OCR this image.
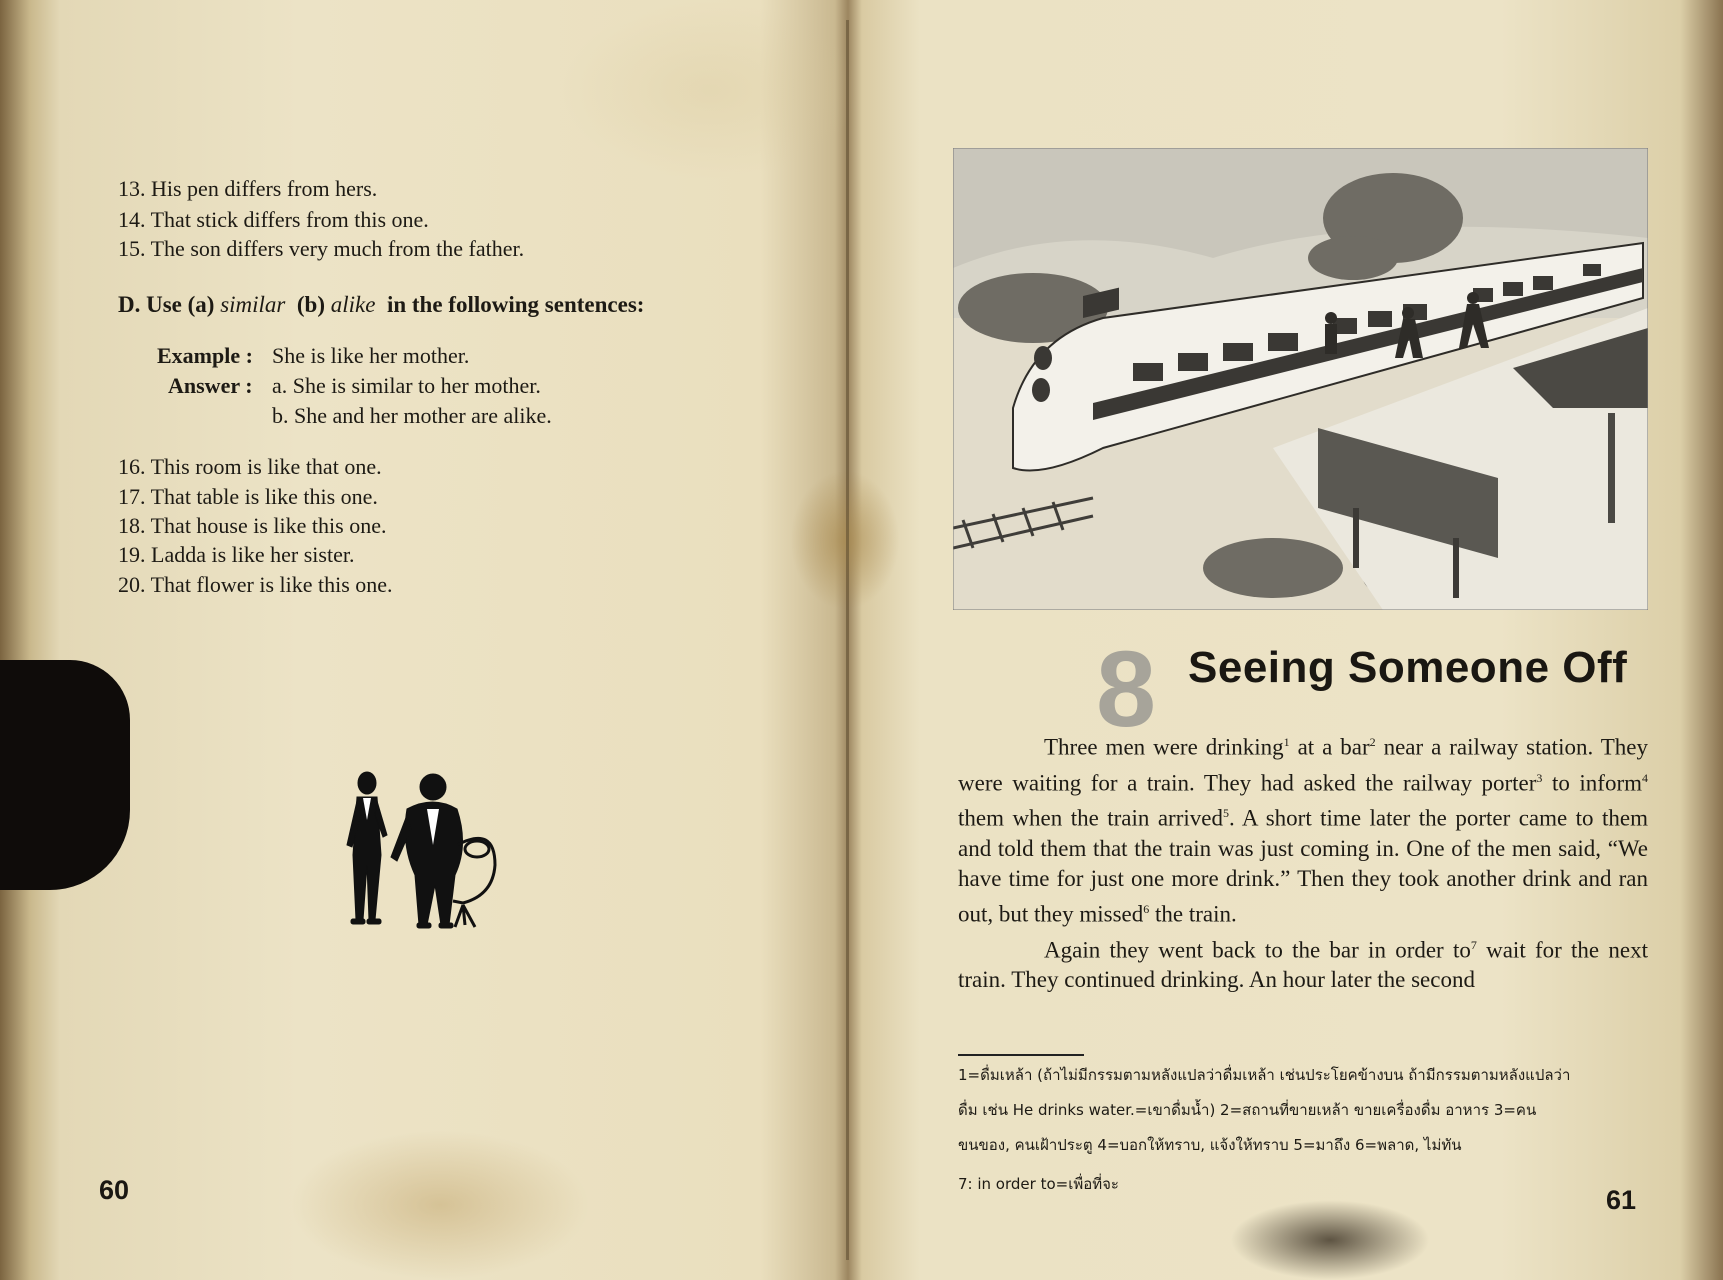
13. His pen differs from hers.
14. That stick differs from this one.
15. The son differs very much from the father.
D. Use (a) similar (b) alike in the following sentences:
Example : She is like her mother.
Answer : a. She is similar to her mother.
b. She and her mother are alike.
16. This room is like that one.
17. That table is like this one.
18. That house is like this one.
19. Ladda is like her sister.
20. That flower is like this one.
60
8 Seeing Someone Off

Three men were drinking$^1$ at a bar$^2$ near a railway station. They were waiting for a train. They had asked the railway porter$^3$ to inform$^4$ them when the train arrived$^5$. A short time later the porter came to them and told them that the train was just coming in. One of the men said, “We have time for just one more drink.” Then they took another drink and ran out, but they missed$^6$ the train.

Again they went back to the bar in order $to^7$ wait for the next train. They continued drinking. An hour later the second

1=ดื่มเหล้า (ถ้าไม่มีกรรมตามหลังแปลว่าดื่มเหล้า เช่นประโยคข้างบน ถ้ามีกรรมตามหลังแปลว่า
ดื่ม เช่น He drinks water.=เขาดื่มน้ำ) 2=สถานที่ขายเหล้า ขายเครื่องดื่ม อาหาร 3=คน
ขนของ, คนเฝ้าประตู 4=บอกให้ทราบ, แจ้งให้ทราบ 5=มาถึง 6=พลาด, ไม่ทัน
7: in order to=เพื่อที่จะ
61
